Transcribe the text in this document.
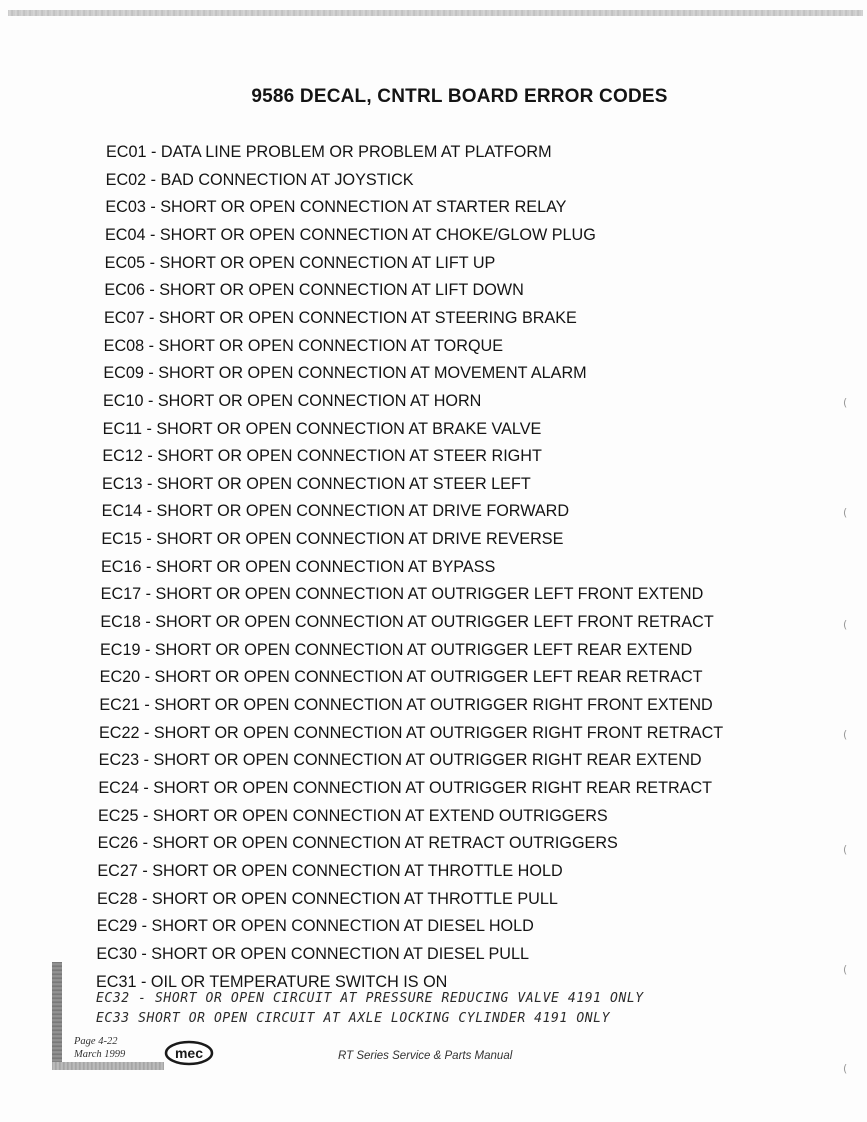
9586 DECAL, CNTRL BOARD ERROR CODES
EC01 - DATA LINE PROBLEM OR PROBLEM AT PLATFORM
EC02 - BAD CONNECTION AT JOYSTICK
EC03 - SHORT OR OPEN CONNECTION AT STARTER RELAY
EC04 - SHORT OR OPEN CONNECTION AT CHOKE/GLOW PLUG
EC05 - SHORT OR OPEN CONNECTION AT LIFT UP
EC06 - SHORT OR OPEN CONNECTION AT LIFT DOWN
EC07 - SHORT OR OPEN CONNECTION AT STEERING BRAKE
EC08 - SHORT OR OPEN CONNECTION AT TORQUE
EC09 - SHORT OR OPEN CONNECTION AT MOVEMENT ALARM
EC10 - SHORT OR OPEN CONNECTION AT HORN
EC11 - SHORT OR OPEN CONNECTION AT BRAKE VALVE
EC12 - SHORT OR OPEN CONNECTION AT STEER RIGHT
EC13 - SHORT OR OPEN CONNECTION AT STEER LEFT
EC14 - SHORT OR OPEN CONNECTION AT DRIVE FORWARD
EC15 - SHORT OR OPEN CONNECTION AT DRIVE REVERSE
EC16 - SHORT OR OPEN CONNECTION AT BYPASS
EC17 - SHORT OR OPEN CONNECTION AT OUTRIGGER LEFT FRONT EXTEND
EC18 - SHORT OR OPEN CONNECTION AT OUTRIGGER LEFT FRONT RETRACT
EC19 - SHORT OR OPEN CONNECTION AT OUTRIGGER LEFT REAR EXTEND
EC20 - SHORT OR OPEN CONNECTION AT OUTRIGGER LEFT REAR RETRACT
EC21 - SHORT OR OPEN CONNECTION AT OUTRIGGER RIGHT FRONT EXTEND
EC22 - SHORT OR OPEN CONNECTION AT OUTRIGGER RIGHT FRONT RETRACT
EC23 - SHORT OR OPEN CONNECTION AT OUTRIGGER RIGHT REAR EXTEND
EC24 - SHORT OR OPEN CONNECTION AT OUTRIGGER RIGHT REAR RETRACT
EC25 - SHORT OR OPEN CONNECTION AT EXTEND OUTRIGGERS
EC26 - SHORT OR OPEN CONNECTION AT RETRACT OUTRIGGERS
EC27 - SHORT OR OPEN CONNECTION AT THROTTLE HOLD
EC28 - SHORT OR OPEN CONNECTION AT THROTTLE PULL
EC29 - SHORT OR OPEN CONNECTION AT DIESEL HOLD
EC30 - SHORT OR OPEN CONNECTION AT DIESEL PULL
EC31 - OIL OR TEMPERATURE SWITCH IS ON
EC32 - SHORT OR OPEN CIRCUIT AT PRESSURE REDUCING VALVE 4191 ONLY
EC33 SHORT OR OPEN CIRCUIT AT AXLE LOCKING CYLINDER 4191 ONLY
Page 4-22
March 1999	mec	RT Series Service & Parts Manual
(
(
(
(
(
(
(
